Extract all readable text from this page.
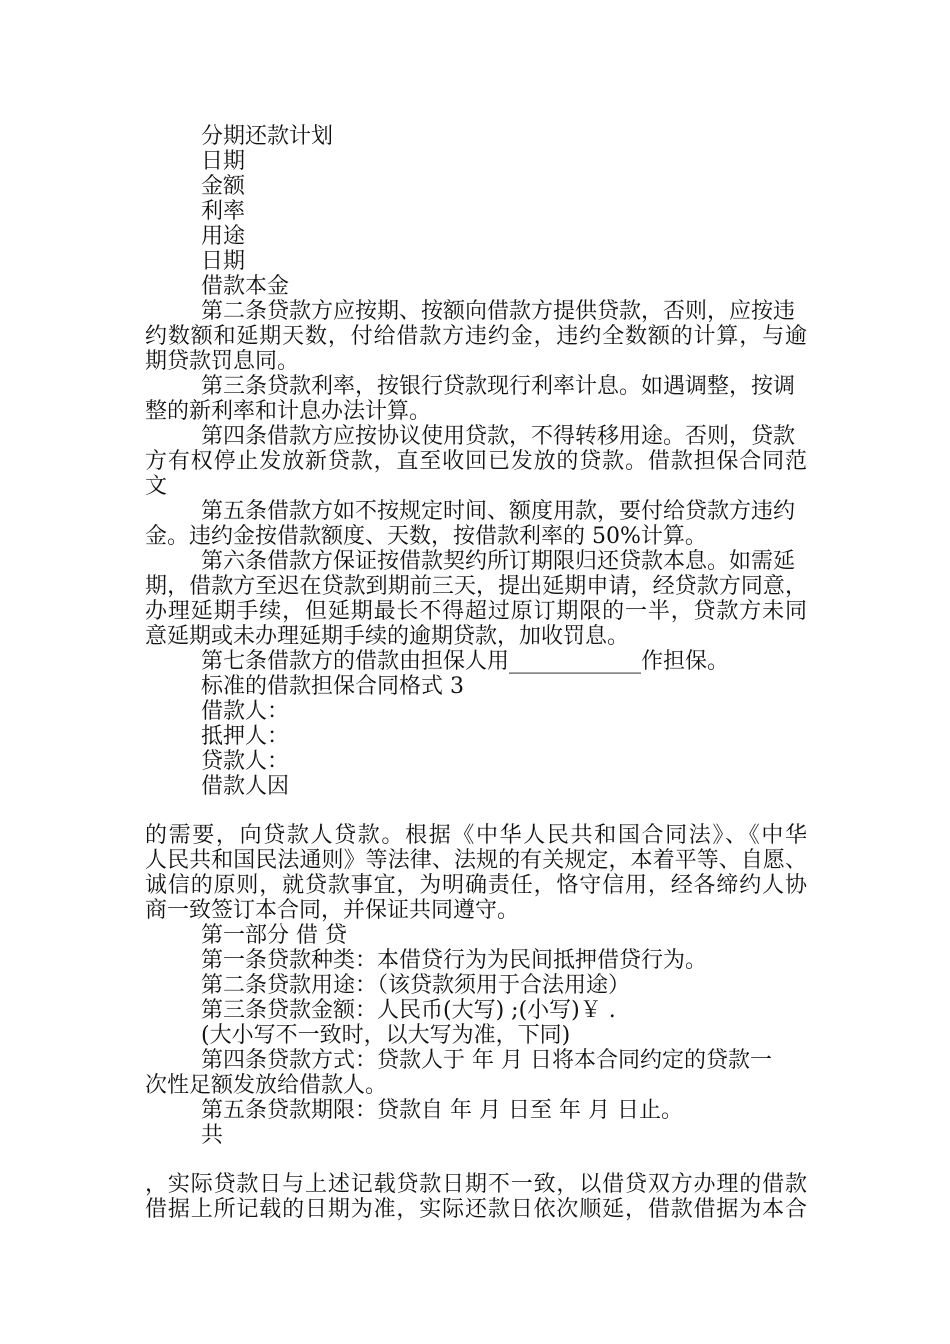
分期还款计划
日期
金额
利率
用途
日期
借款本金
第二条贷款方应按期、按额向借款方提供贷款，否则，应按违
约数额和延期天数，付给借款方违约金，违约全数额的计算，与逾
期贷款罚息同。
第三条贷款利率，按银行贷款现行利率计息。如遇调整，按调
整的新利率和计息办法计算。
第四条借款方应按协议使用贷款，不得转移用途。否则，贷款
方有权停止发放新贷款，直至收回已发放的贷款。借款担保合同范
文
第五条借款方如不按规定时间、额度用款，要付给贷款方违约
金。违约金按借款额度、天数，按借款利率的 50%计算。
第六条借款方保证按借款契约所订期限归还贷款本息。如需延
期，借款方至迟在贷款到期前三天，提出延期申请，经贷款方同意，
办理延期手续，但延期最长不得超过原订期限的一半，贷款方未同
意延期或未办理延期手续的逾期贷款，加收罚息。
第七条借款方的借款由担保人用____________作担保。
标准的借款担保合同格式 3
借款人：
抵押人：
贷款人：
借款人因
的需要，向贷款人贷款。根据《中华人民共和国合同法》、《中华
人民共和国民法通则》等法律、法规的有关规定，本着平等、自愿、
诚信的原则，就贷款事宜，为明确责任，恪守信用，经各缔约人协
商一致签订本合同，并保证共同遵守。
第一部分 借 贷
第一条贷款种类：本借贷行为为民间抵押借贷行为。
第二条贷款用途：（该贷款须用于合法用途）
第三条贷款金额：人民币(大写) ;(小写)￥ .
(大小写不一致时，以大写为准，下同)
第四条贷款方式：贷款人于 年 月 日将本合同约定的贷款一
次性足额发放给借款人。
第五条贷款期限：贷款自 年 月 日至 年 月 日止。
共
，实际贷款日与上述记载贷款日期不一致，以借贷双方办理的借款
借据上所记载的日期为准，实际还款日依次顺延，借款借据为本合
